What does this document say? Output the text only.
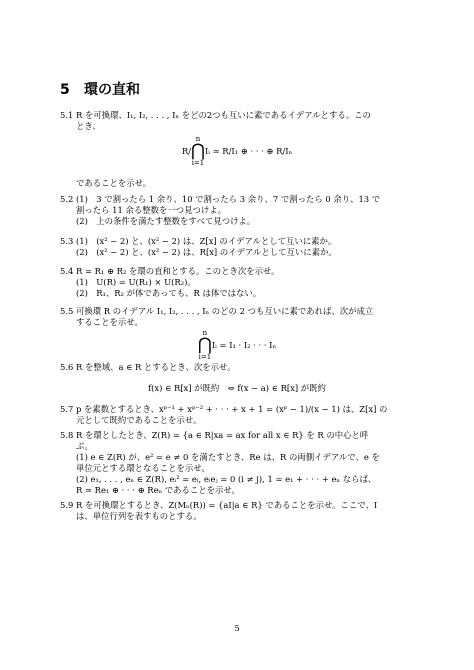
5 環の直和
5.1 R を可換環、I₁, I₂, . . . , Iₙ をどの2つも互いに素であるイデアルとする。この
とき、
R/n
⋂
i=1Iᵢ ≃ R/I₁ ⊕ · · · ⊕ R/Iₙ
であることを示せ。
5.2 (1)　3 で割ったら 1 余り、10 で割ったら 3 余り、7 で割ったら 0 余り、13 で
割ったら 11 余る整数を一つ見つけよ。
(2)　上の条件を満たす整数をすべて見つけよ。
5.3 (1)　(x² − 2) と、(x² − 2) は、Z[x] のイデアルとして互いに素か。
(2)　(x² − 2) と、(x² − 2) は、R[x] のイデアルとして互いに素か。
5.4 R = R₁ ⊕ R₂ を環の直和とする。このとき次を示せ。
(1)　U(R) = U(R₁) × U(R₂)。
(2)　R₁、R₂ が体であっても、R は体ではない。
5.5 可換環 R のイデアル I₁, I₂, . . . , Iₙ のどの 2 つも互いに素であれば、次が成立
することを示せ。
n
⋂
i=1Iᵢ = I₁ · I₂ · · · Iₙ
5.6 R を整域、a ∈ R とするとき、次を示せ。
f(x) ∈ R[x] が既約　⇔ f(x − a) ∈ R[x] が既約
5.7 p を素数とするとき、xᵖ⁻¹ + xᵖ⁻² + · · · + x + 1 = (xᵖ − 1)/(x − 1) は、Z[x] の
元として既約であることを示せ。
5.8 R を環としたとき、Z(R) = {a ∈ R|xa = ax for all x ∈ R} を R の中心と呼
ぶ。
(1) e ∈ Z(R) が、e² = e ≠ 0 を満たすとき、Re は、R の両側イデアルで、e を
単位元とする環となることを示せ。
(2) e₁, . . . , eₙ ∈ Z(R), eᵢ² = eᵢ, eᵢeⱼ = 0 (i ≠ j), 1 = e₁ + · · · + eₙ ならば、
R ≃ Re₁ ⊕ · · · ⊕ Reₙ であることを示せ。
5.9 R を可換環とするとき、Z(Mₙ(R)) = {aI|a ∈ R} であることを示せ。ここで、I
は、単位行列を表すものとする。
5
